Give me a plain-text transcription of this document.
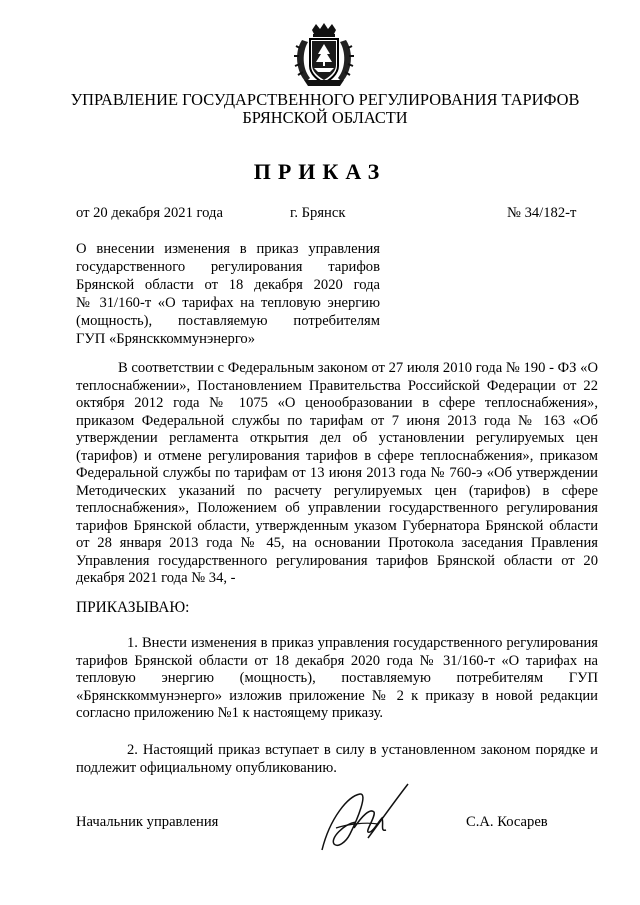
УПРАВЛЕНИЕ ГОСУДАРСТВЕННОГО РЕГУЛИРОВАНИЯ ТАРИФОВ
БРЯНСКОЙ ОБЛАСТИ
ПРИКАЗ
от 20 декабря 2021 года	г. Брянск	№ 34/182-т
О внесении изменения в приказ управления
государственного регулирования тарифов
Брянской области от 18 декабря 2020 года
№ 31/160-т «О тарифах на тепловую энергию
(мощность), поставляемую потребителям
ГУП «Брянсккоммунэнерго»
В соответствии с Федеральным законом от 27 июля 2010 года № 190 - ФЗ «О теплоснабжении», Постановлением Правительства Российской Федерации от 22 октября 2012 года № 1075 «О ценообразовании в сфере теплоснабжения», приказом Федеральной службы по тарифам от 7 июня 2013 года № 163 «Об утверждении регламента открытия дел об установлении регулируемых цен (тарифов) и отмене регулирования тарифов в сфере теплоснабжения», приказом Федеральной службы по тарифам от 13 июня 2013 года № 760-э «Об утверждении Методических указаний по расчету регулируемых цен (тарифов) в сфере теплоснабжения», Положением об управлении государственного регулирования тарифов Брянской области, утвержденным указом Губернатора Брянской области от 28 января 2013 года № 45, на основании Протокола заседания Правления Управления государственного регулирования тарифов Брянской области от 20 декабря 2021 года № 34, -
ПРИКАЗЫВАЮ:
1. Внести изменения в приказ управления государственного регулирования тарифов Брянской области от 18 декабря 2020 года № 31/160-т «О тарифах на тепловую энергию (мощность), поставляемую потребителям ГУП «Брянсккоммунэнерго» изложив приложение № 2 к приказу в новой редакции согласно приложению №1 к настоящему приказу.
2. Настоящий приказ вступает в силу в установленном законом порядке и подлежит официальному опубликованию.
Начальник управления	С.А. Косарев
